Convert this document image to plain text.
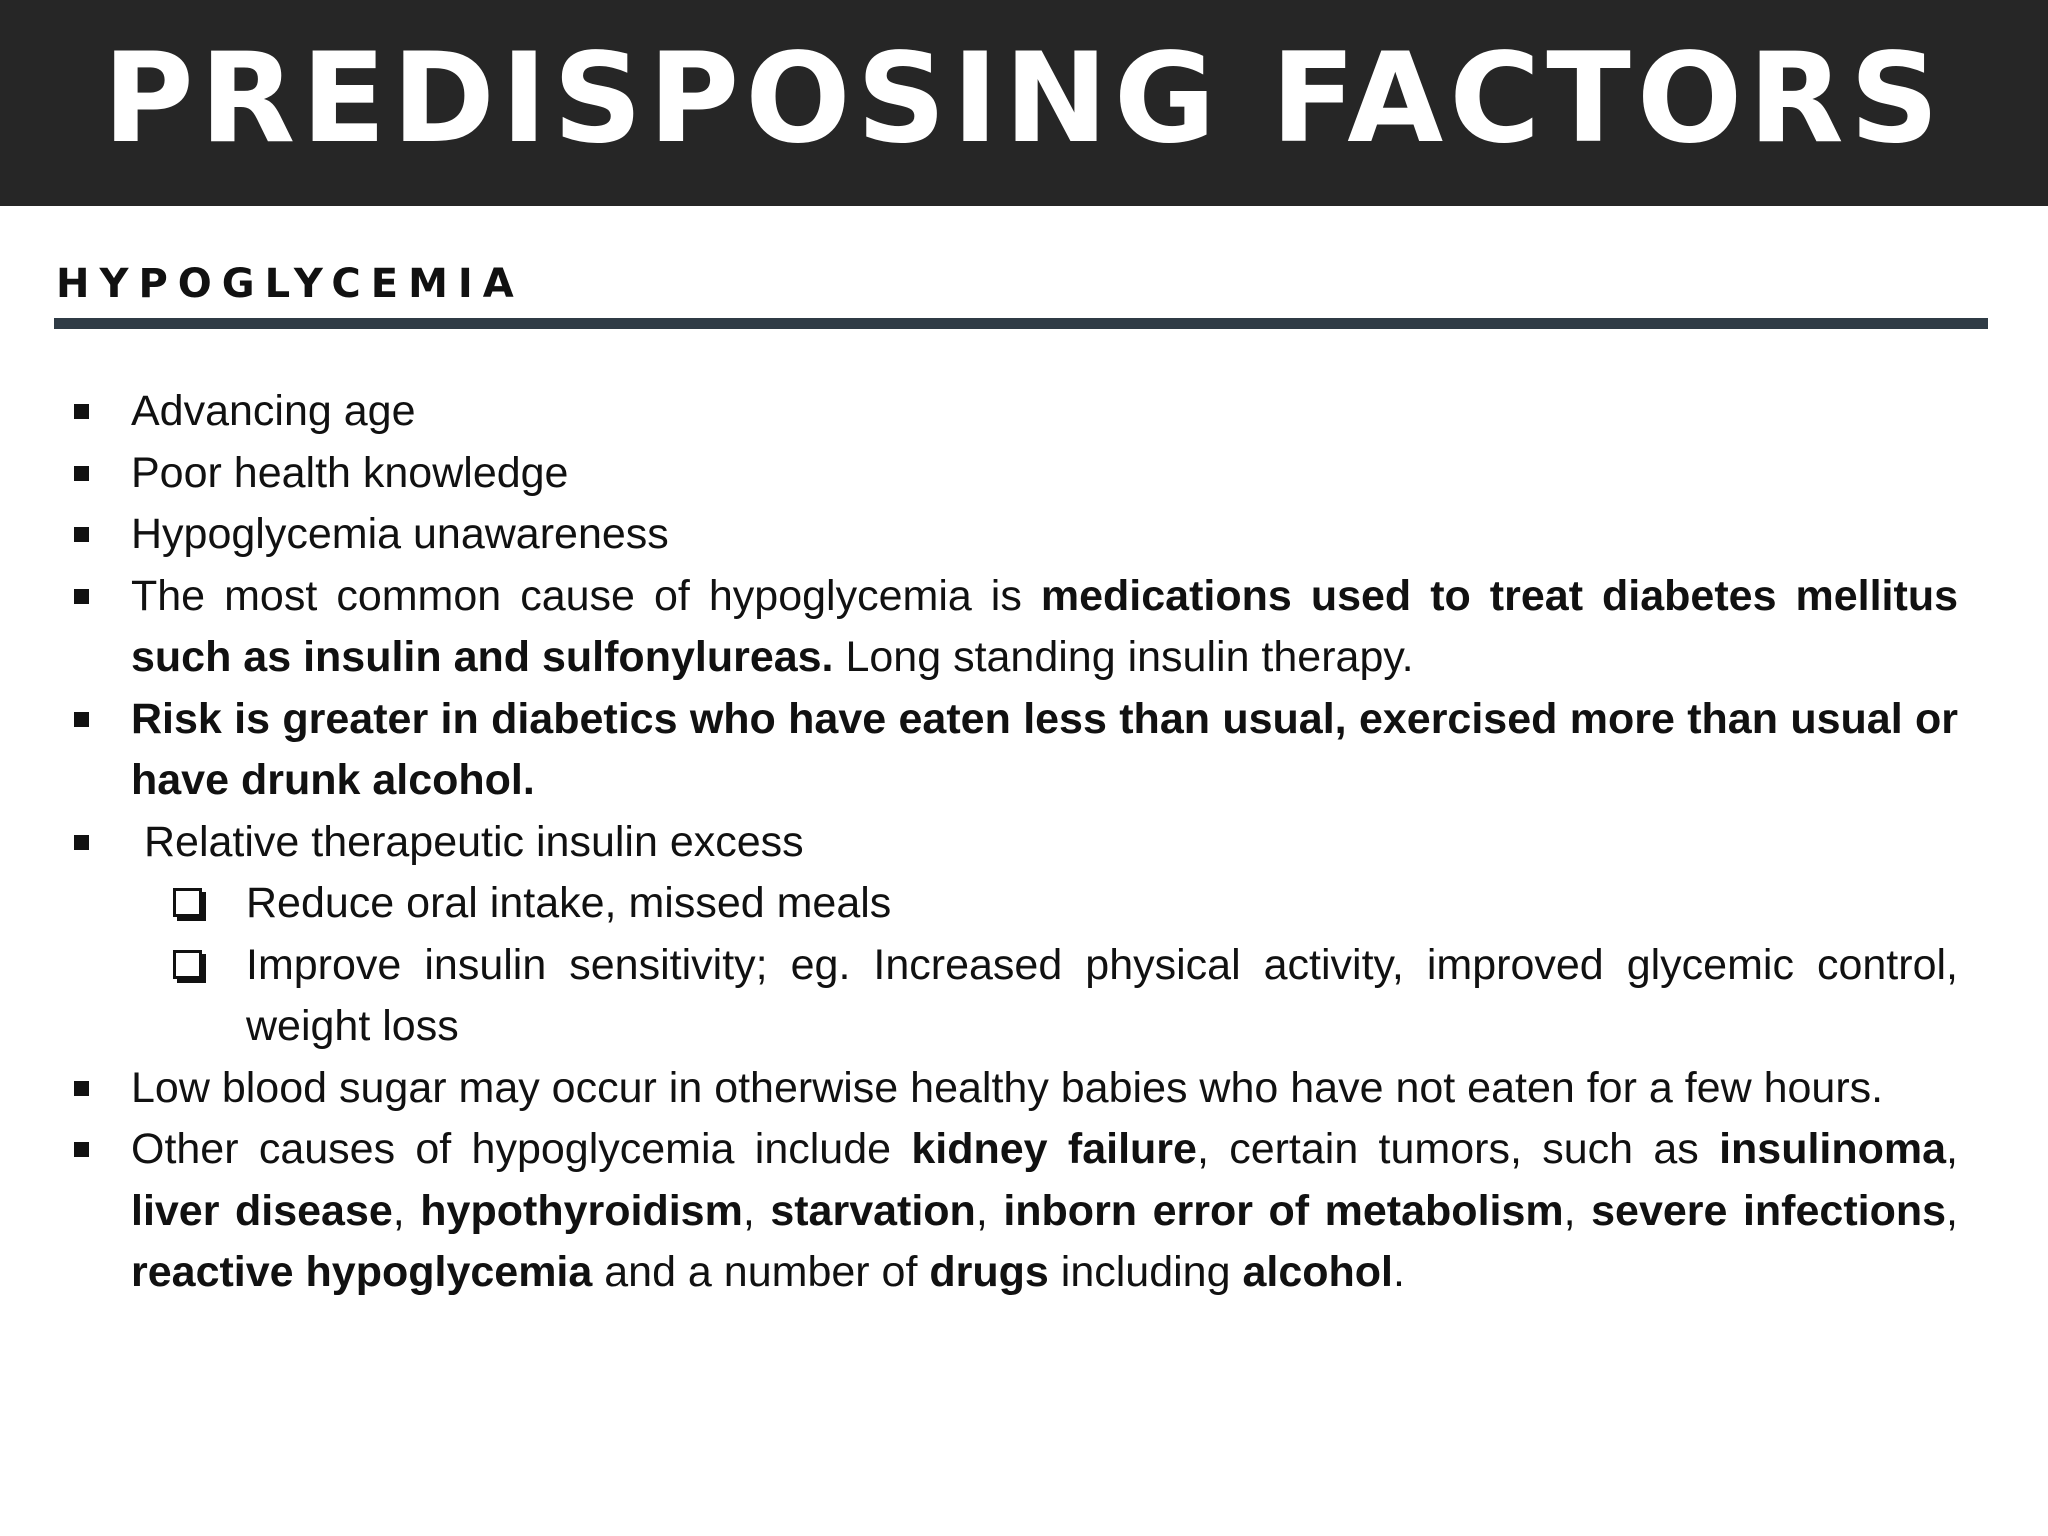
PREDISPOSING FACTORS
HYPOGLYCEMIA
Advancing age
Poor health knowledge
Hypoglycemia unawareness
The most common cause of hypoglycemia is medications used to treat diabetes mellitus such as insulin and sulfonylureas. Long standing insulin therapy.
Risk is greater in diabetics who have eaten less than usual, exercised more than usual or have drunk alcohol.
Relative therapeutic insulin excess
Reduce oral intake, missed meals
Improve insulin sensitivity; eg. Increased physical activity, improved glycemic control, weight loss
Low blood sugar may occur in otherwise healthy babies who have not eaten for a few hours.
Other causes of hypoglycemia include kidney failure, certain tumors, such as insulinoma, liver disease, hypothyroidism, starvation, inborn error of metabolism, severe infections, reactive hypoglycemia and a number of drugs including alcohol.
